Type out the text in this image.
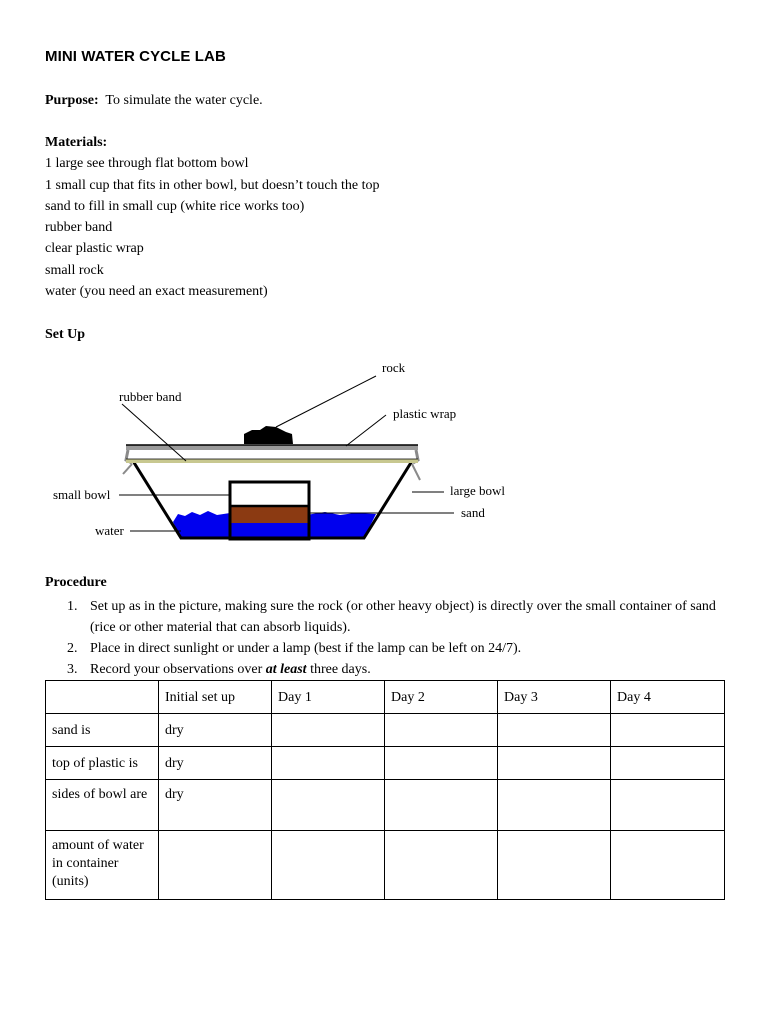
MINI WATER CYCLE LAB
Purpose: To simulate the water cycle.
Materials:
1 large see through flat bottom bowl
1 small cup that fits in other bowl, but doesn’t touch the top
sand to fill in small cup (white rice works too)
rubber band
clear plastic wrap
small rock
water (you need an exact measurement)
Set Up
rock
rubber band
plastic wrap
small bowl	large bowl
sand
water
Procedure
1. Set up as in the picture, making sure the rock (or other heavy object) is directly over the small container of sand (rice or other material that can absorb liquids).
2. Place in direct sunlight or under a lamp (best if the lamp can be left on 24/7).
3. Record your observations over at least three days.
	Initial set up	Day 1	Day 2	Day 3	Day 4
sand is	dry				
top of plastic is	dry				
sides of bowl are	dry				
amount of water in container (units)					
